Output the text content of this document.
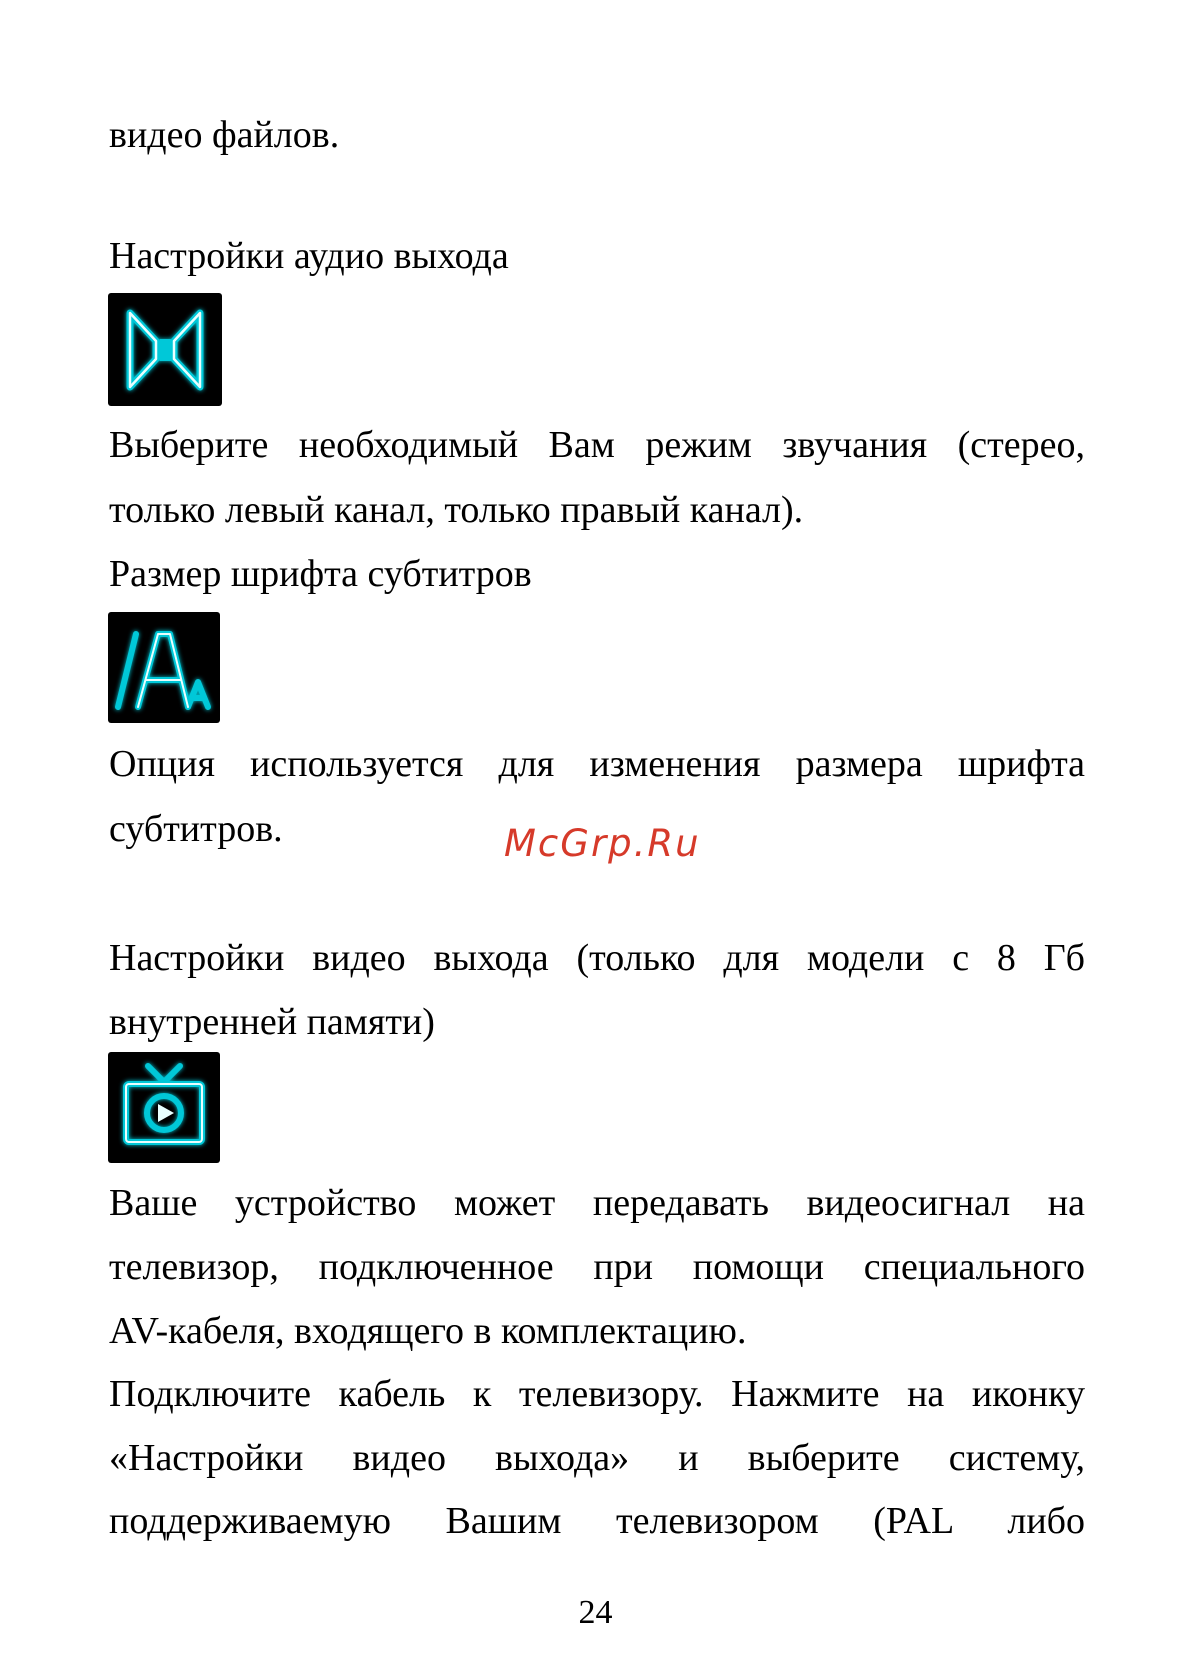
видео файлов.
Настройки аудио выхода
Выберите необходимый Вам режим звучания (стерео,
только левый канал, только правый канал).
Размер шрифта субтитров
Опция используется для изменения размера шрифта
субтитров.	McGrp.Ru
Настройки видео выхода (только для модели с 8 Гб
внутренней памяти)
Ваше устройство может передавать видеосигнал на
телевизор, подключенное при помощи специального
AV-кабеля, входящего в комплектацию.
Подключите кабель к телевизору. Нажмите на иконку
«Настройки видео выхода» и выберите систему,
поддерживаемую Вашим телевизором (PAL либо
24
